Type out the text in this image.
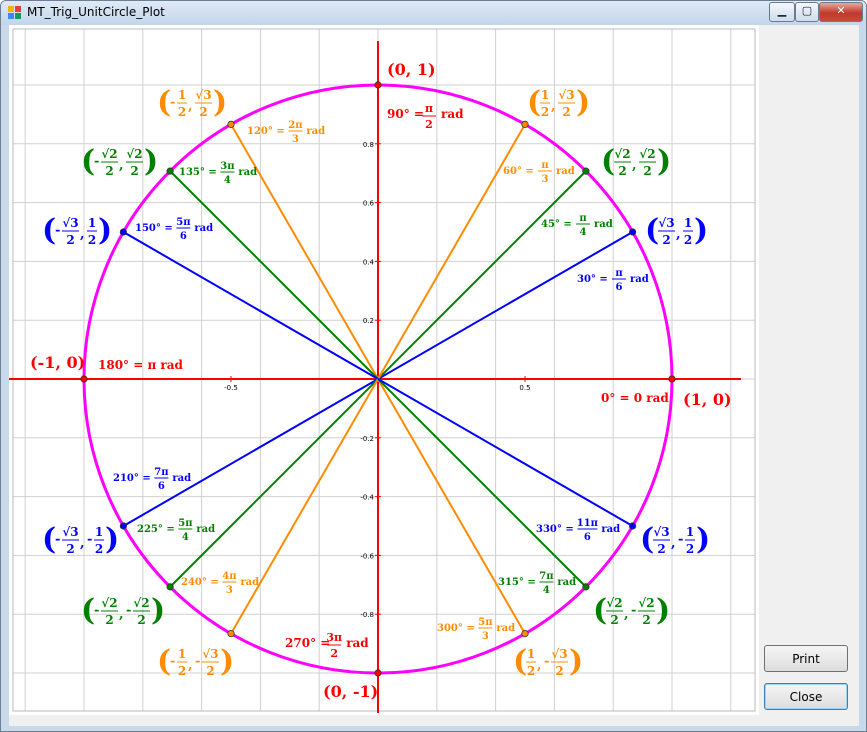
MT_Trig_UnitCircle_Plot	▁	▢	✕
-0.5	0.5
0.8
0.6
0.4
0.2
-0.2
-0.4
-0.6
-0.8
(1, 0)
0° = 0 rad
(0, 1)
90° = π
2
rad
(-1, 0) 180° = π rad
(0, -1)
270° =
3π
2
rad
( √3
2 ,
1
2 )
30° =
π
6
rad
( √2
2 ,
√2
2 )
45° =
π
4
rad
( 1
2 ,
√3
2 )
60° =
π
3
rad
(
- 1
2 ,
√3
2 )
120° =
2π
3
rad
(
- √2
2 ,
√2
2 ) 135° =
3π
4
rad
(
- √3
2 ,
1
2 ) 150° =
5π
6
rad
(
- √3
2 , - 1
2 )
210° =
7π
6
rad
(
- √2
2 , - √2
2 )
225° =
5π
4
rad
(
- 1
2 , - √3
2 )
240° =
4π
3
rad
( 1
2 , - √3
2 )
300° =
5π
3
rad
( √2
2 , - √2
2 )
315° =
7π
4
rad
( √3
2 , - 1
2 )
330° =
11π
6
rad
Print
Close
